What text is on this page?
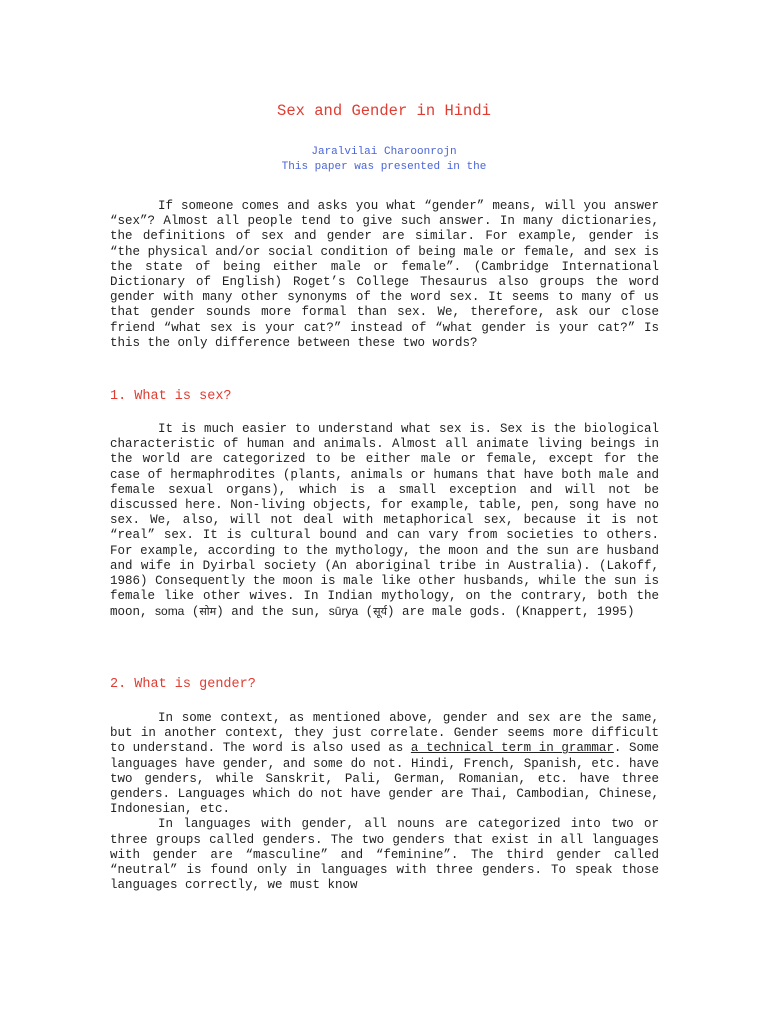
Sex and Gender in Hindi
Jaralvilai Charoonrojn
This paper was presented in the

If someone comes and asks you what “gender” means, will you answer “sex”? Almost all people tend to give such answer. In many dictionaries, the definitions of sex and gender are similar. For example, gender is “the physical and/or social condition of being male or female, and sex is the state of being either male or female”. (Cambridge International Dictionary of English) Roget’s College Thesaurus also groups the word gender with many other synonyms of the word sex. It seems to many of us that gender sounds more formal than sex. We, therefore, ask our close friend “what sex is your cat?” instead of “what gender is your cat?” Is this the only difference between these two words?

1. What is sex?

It is much easier to understand what sex is. Sex is the biological characteristic of human and animals. Almost all animate living beings in the world are categorized to be either male or female, except for the case of hermaphrodites (plants, animals or humans that have both male and female sexual organs), which is a small exception and will not be discussed here. Non-living objects, for example, table, pen, song have no sex. We, also, will not deal with metaphorical sex, because it is not “real” sex. It is cultural bound and can vary from societies to others. For example, according to the mythology, the moon and the sun are husband and wife in Dyirbal society (An aboriginal tribe in Australia). (Lakoff, 1986) Consequently the moon is male like other husbands, while the sun is female like other wives. In Indian mythology, on the contrary, both the moon, soma (सोम) and the sun, sūrya (सूर्य) are male gods. (Knappert, 1995)

2. What is gender?

In some context, as mentioned above, gender and sex are the same, but in another context, they just correlate. Gender seems more difficult to understand. The word is also used as a technical term in grammar. Some languages have gender, and some do not. Hindi, French, Spanish, etc. have two genders, while Sanskrit, Pali, German, Romanian, etc. have three genders. Languages which do not have gender are Thai, Cambodian, Chinese, Indonesian, etc.

In languages with gender, all nouns are categorized into two or three groups called genders. The two genders that exist in all languages with gender are “masculine” and “feminine”. The third gender called “neutral” is found only in languages with three genders. To speak those languages correctly, we must know
